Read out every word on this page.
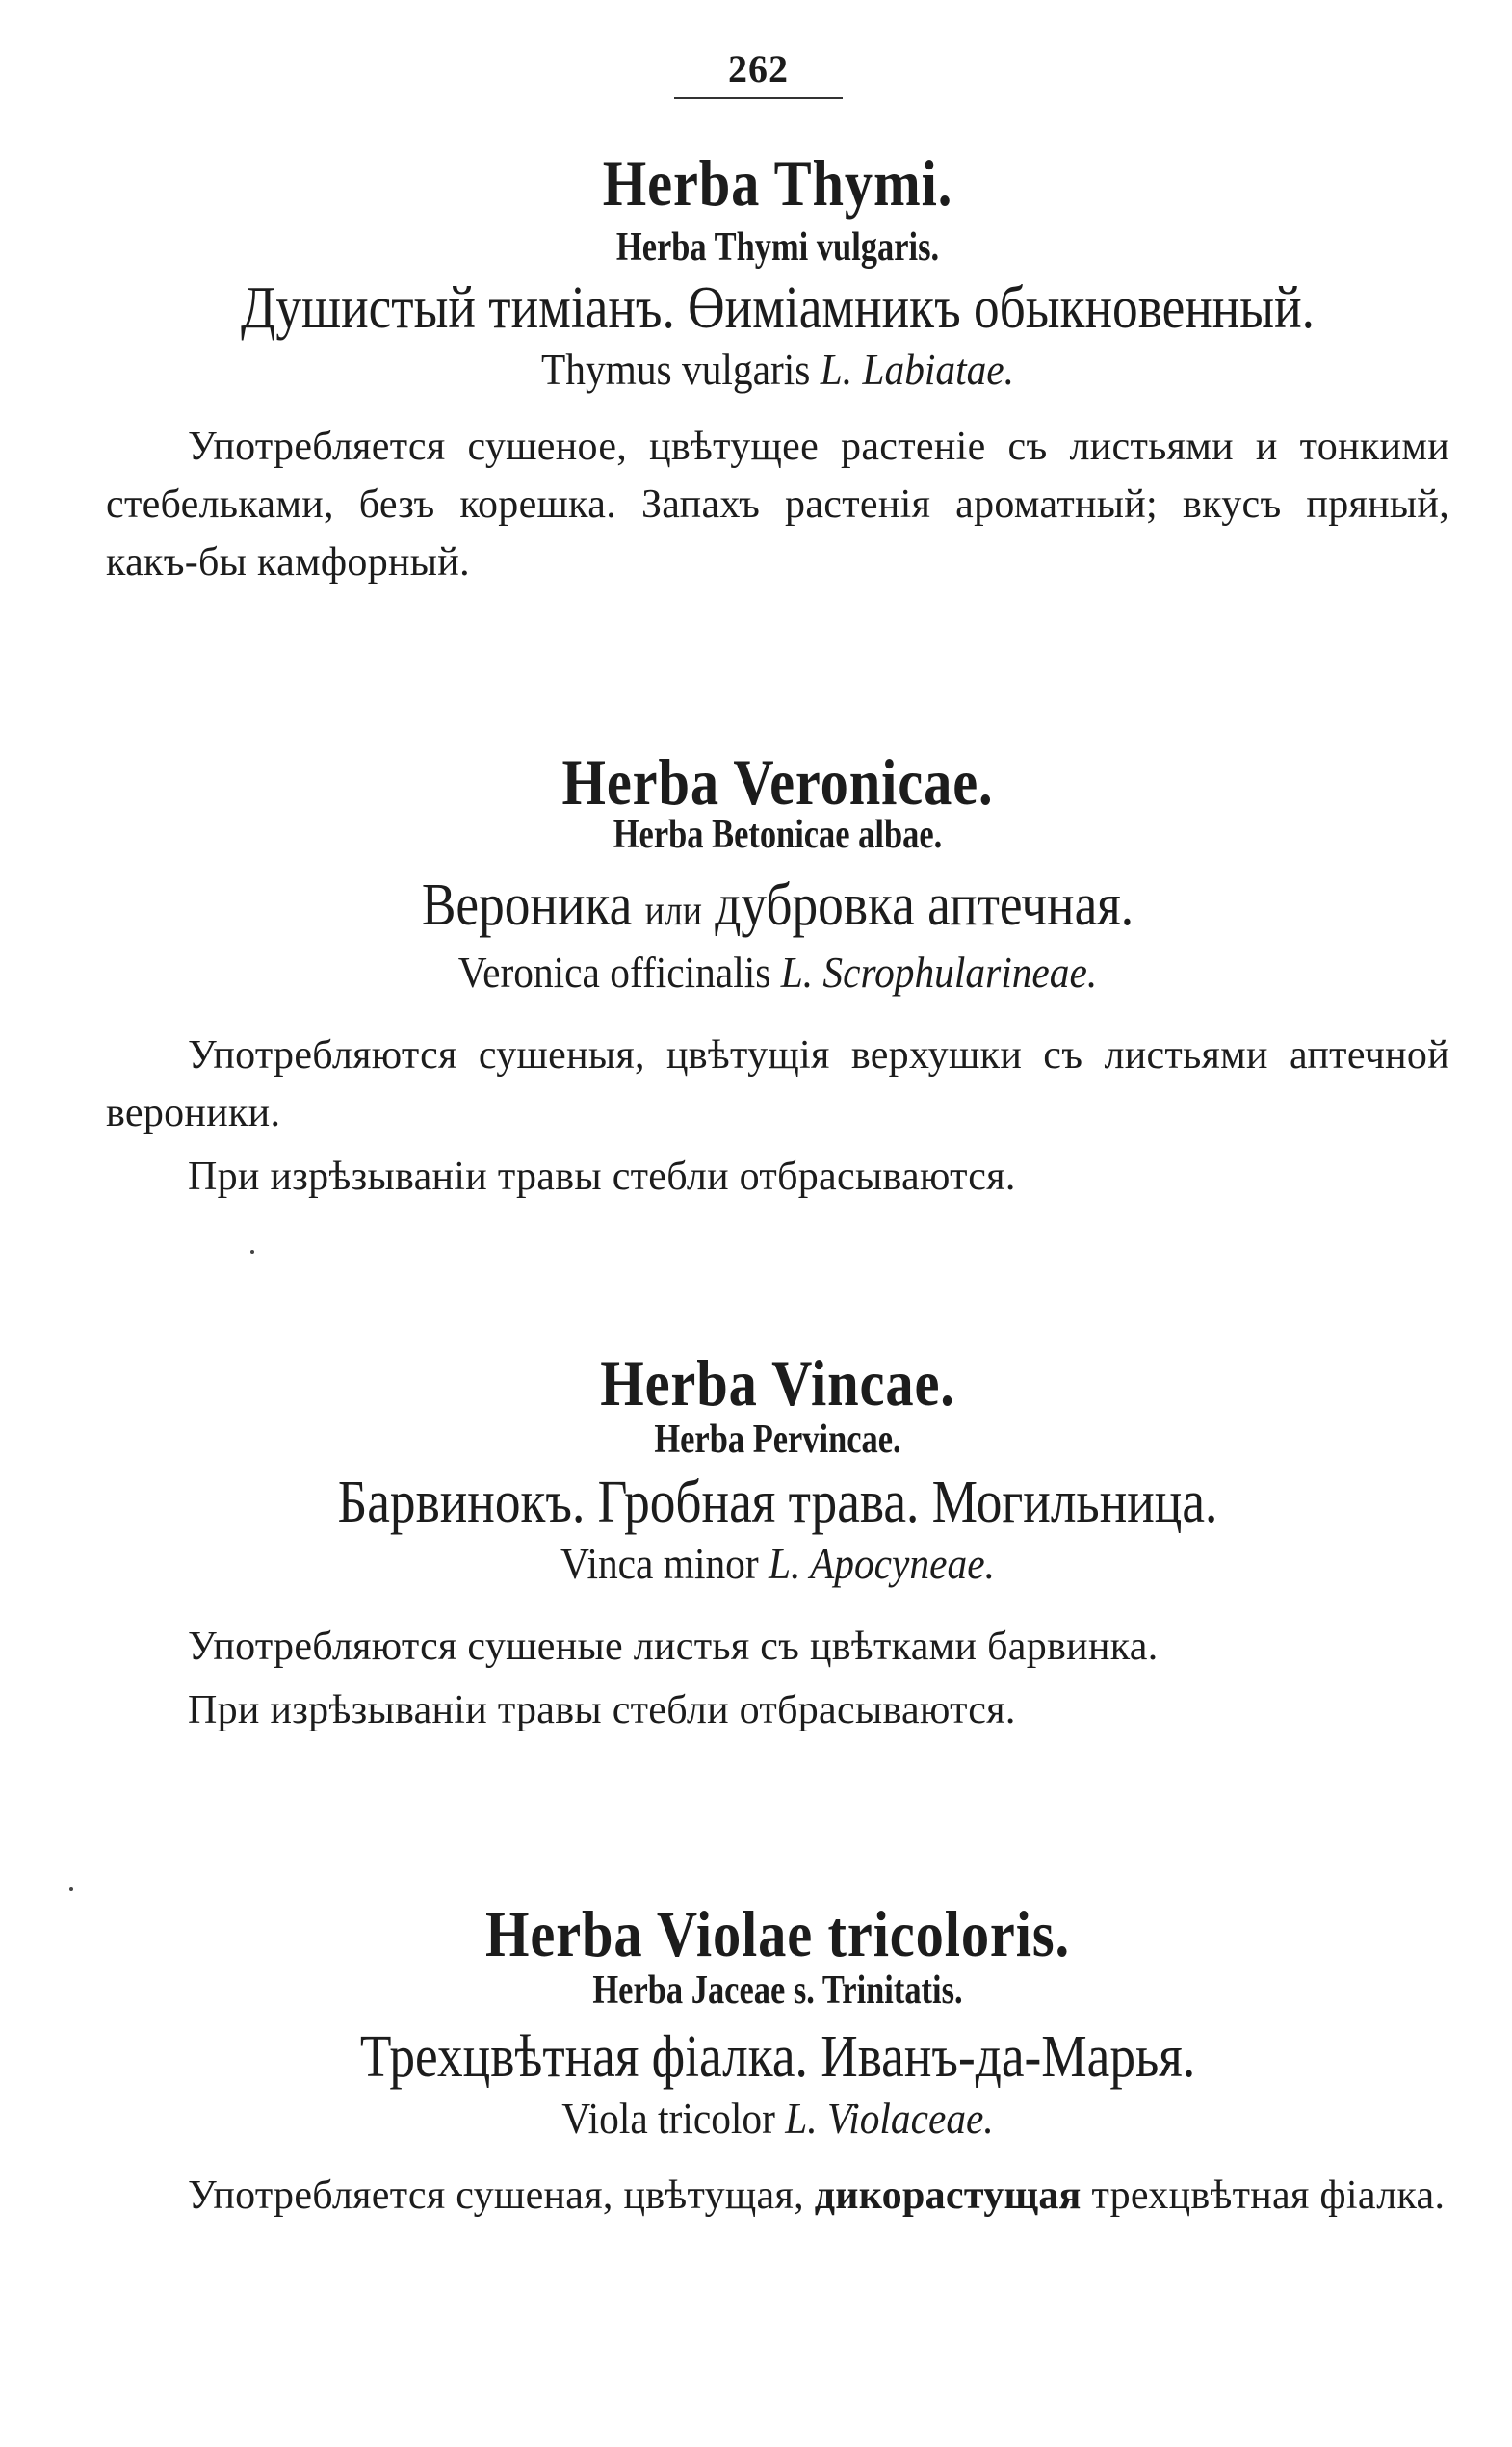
262
Herba Thymi.
Herba Thymi vulgaris.
Душистый тиміанъ. Өиміамникъ обыкновенный.
Thymus vulgaris L. Labiatae.
Употребляется сушеное, цвѣтущее растеніе съ листьями и тонкими стебельками, безъ корешка. Запахъ растенія ароматный; вкусъ пряный, какъ-бы камфорный.
Herba Veronicae.
Herba Betonicae albae.
Вероника или дубровка аптечная.
Veronica officinalis L. Scrophularineae.
Употребляются сушеныя, цвѣтущія верхушки съ листьями аптечной вероники.
При изрѣзываніи травы стебли отбрасываются.
Herba Vincae.
Herba Pervincae.
Барвинокъ. Гробная трава. Могильница.
Vinca minor L. Apocyneae.
Употребляются сушеные листья съ цвѣтками барвинка.
При изрѣзываніи травы стебли отбрасываются.
Herba Violae tricoloris.
Herba Jaceae s. Trinitatis.
Трехцвѣтная фіалка. Иванъ-да-Марья.
Viola tricolor L. Violaceae.
Употребляется сушеная, цвѣтущая, дикорастущая трехцвѣтная фіалка.
